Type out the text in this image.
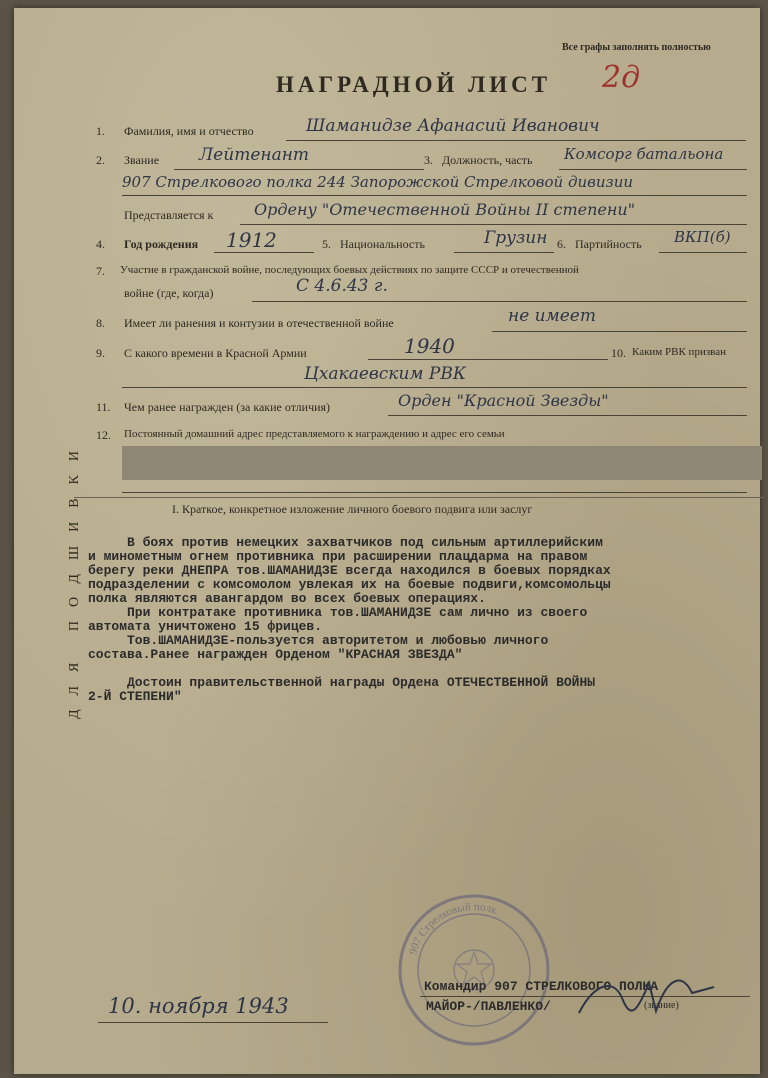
Все графы заполнять полностью
НАГРАДНОЙ ЛИСТ 2д
ДЛЯ ПОДШИВКИ
1. Фамилия, имя и отчество	Шаманидзе Афанасий Иванович
2. Звание Лейтенант	3. Должность, часть Комсорг батальона
907 Стрелкового полка 244 Запорожской Стрелковой дивизии
Представляется к	Ордену "Отечественной Войны II степени"
4. Год рождения 1912	5. Национальность	Грузин 6. Партийность ВКП(б)
7. Участие в гражданской войне, последующих боевых действиях по защите СССР и отечественной
войне (где, когда)	С 4.6.43 г.
8. Имеет ли ранения и контузии в отечественной войне	не имеет
9. С какого времени в Красной Армии	1940	10. Каким РВК призван
Цхакаевским РВК
11. Чем ранее награжден (за какие отличия)	Орден "Красной Звезды"
12. Постоянный домашний адрес представляемого к награждению и адрес его семьи
I. Краткое, конкретное изложение личного боевого подвига или заслуг
В боях против немецких захватчиков под сильным артиллерийским
и минометным огнем противника при расширении плацдарма на правом
берегу реки ДНЕПРА тов.ШАМАНИДЗЕ всегда находился в боевых порядках
подразделении с комсомолом увлекая их на боевые подвиги,комсомольцы
полка являются авангардом во всех боевых операциях.
При контратаке противника тов.ШАМАНИДЗЕ сам лично из своего
автомата уничтожено 15 фрицев.
Тов.ШАМАНИДЗЕ-пользуется авторитетом и любовью личного
состава.Ранее награжден Орденом "КРАСНАЯ ЗВЕЗДА"
Достоин правительственной награды Ордена ОТЕЧЕСТВЕННОЙ ВОЙНЫ
2-Й СТЕПЕНИ"
907 Стрелковый полк
Командир 907 СТРЕЛКОВОГО ПОЛКА
МАЙОР-/ПАВЛЕНКО/	(звание)
10. ноября 1943
